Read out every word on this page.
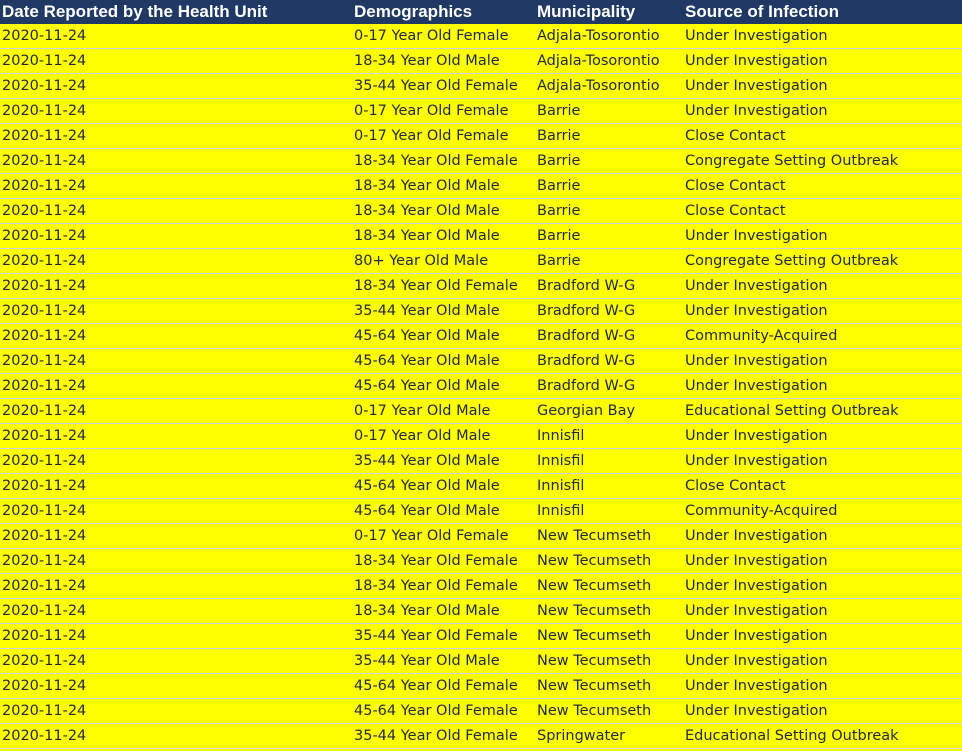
Date Reported by the Health Unit	Demographics	Municipality	Source of Infection
2020-11-24	0-17 Year Old Female	Adjala-Tosorontio	Under Investigation
2020-11-24	18-34 Year Old Male	Adjala-Tosorontio	Under Investigation
2020-11-24	35-44 Year Old Female	Adjala-Tosorontio	Under Investigation
2020-11-24	0-17 Year Old Female	Barrie	Under Investigation
2020-11-24	0-17 Year Old Female	Barrie	Close Contact
2020-11-24	18-34 Year Old Female	Barrie	Congregate Setting Outbreak
2020-11-24	18-34 Year Old Male	Barrie	Close Contact
2020-11-24	18-34 Year Old Male	Barrie	Close Contact
2020-11-24	18-34 Year Old Male	Barrie	Under Investigation
2020-11-24	80+ Year Old Male	Barrie	Congregate Setting Outbreak
2020-11-24	18-34 Year Old Female	Bradford W-G	Under Investigation
2020-11-24	35-44 Year Old Male	Bradford W-G	Under Investigation
2020-11-24	45-64 Year Old Male	Bradford W-G	Community-Acquired
2020-11-24	45-64 Year Old Male	Bradford W-G	Under Investigation
2020-11-24	45-64 Year Old Male	Bradford W-G	Under Investigation
2020-11-24	0-17 Year Old Male	Georgian Bay	Educational Setting Outbreak
2020-11-24	0-17 Year Old Male	Innisfil	Under Investigation
2020-11-24	35-44 Year Old Male	Innisfil	Under Investigation
2020-11-24	45-64 Year Old Male	Innisfil	Close Contact
2020-11-24	45-64 Year Old Male	Innisfil	Community-Acquired
2020-11-24	0-17 Year Old Female	New Tecumseth	Under Investigation
2020-11-24	18-34 Year Old Female	New Tecumseth	Under Investigation
2020-11-24	18-34 Year Old Female	New Tecumseth	Under Investigation
2020-11-24	18-34 Year Old Male	New Tecumseth	Under Investigation
2020-11-24	35-44 Year Old Female	New Tecumseth	Under Investigation
2020-11-24	35-44 Year Old Male	New Tecumseth	Under Investigation
2020-11-24	45-64 Year Old Female	New Tecumseth	Under Investigation
2020-11-24	45-64 Year Old Female	New Tecumseth	Under Investigation
2020-11-24	35-44 Year Old Female	Springwater	Educational Setting Outbreak
